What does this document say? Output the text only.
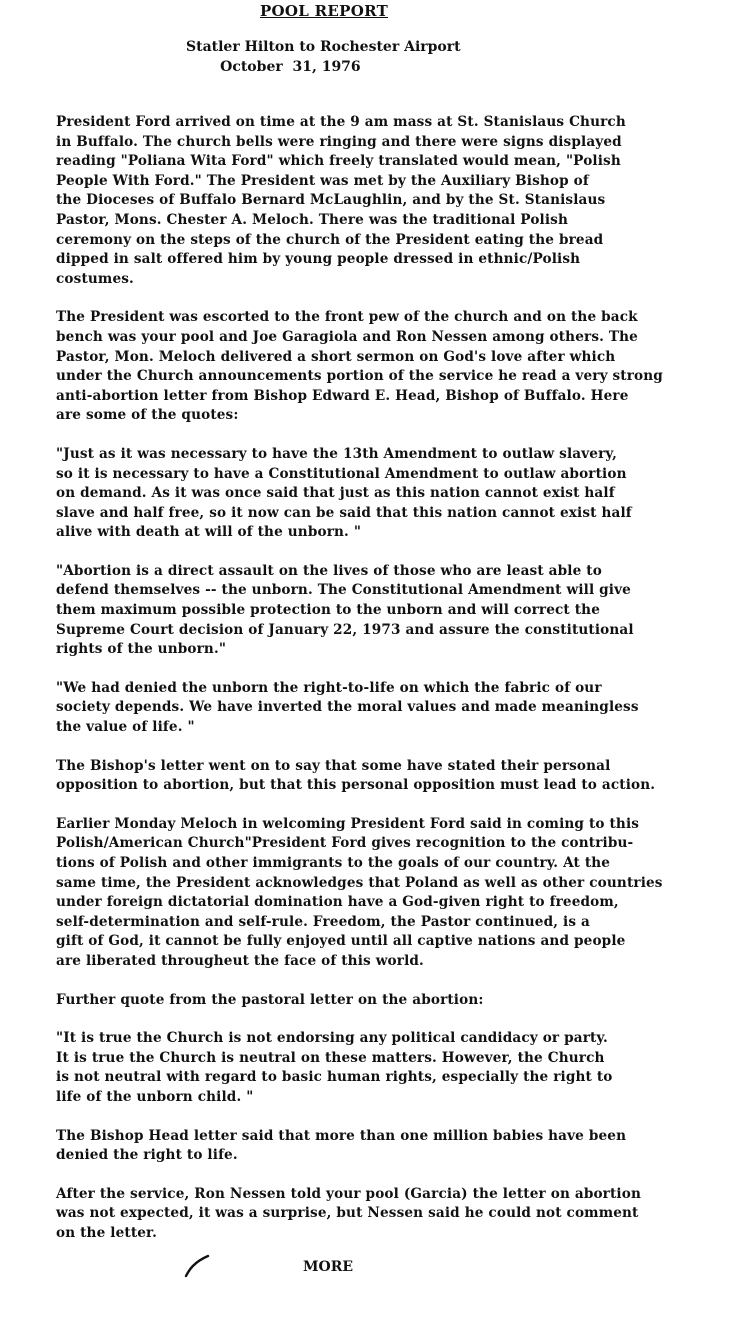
POOL REPORT
Statler Hilton to Rochester Airport
October  31, 1976
President Ford arrived on time at the 9 am mass at St. Stanislaus Church
in Buffalo. The church bells were ringing and there were signs displayed
reading "Poliana Wita Ford" which freely translated would mean, "Polish
People With Ford." The President was met by the Auxiliary Bishop of
the Dioceses of Buffalo Bernard McLaughlin, and by the St. Stanislaus
Pastor, Mons. Chester A. Meloch. There was the traditional Polish
ceremony on the steps of the church of the President eating the bread
dipped in salt offered him by young people dressed in ethnic/Polish
costumes.
The President was escorted to the front pew of the church and on the back
bench was your pool and Joe Garagiola and Ron Nessen among others. The
Pastor, Mon. Meloch delivered a short sermon on God's love after which
under the Church announcements portion of the service he read a very strong
anti-abortion letter from Bishop Edward E. Head, Bishop of Buffalo. Here
are some of the quotes:
"Just as it was necessary to have the 13th Amendment to outlaw slavery,
so it is necessary to have a Constitutional Amendment to outlaw abortion
on demand. As it was once said that just as this nation cannot exist half
slave and half free, so it now can be said that this nation cannot exist half
alive with death at will of the unborn. "
"Abortion is a direct assault on the lives of those who are least able to
defend themselves -- the unborn. The Constitutional Amendment will give
them maximum possible protection to the unborn and will correct the
Supreme Court decision of January 22, 1973 and assure the constitutional
rights of the unborn."
"We had denied the unborn the right-to-life on which the fabric of our
society depends. We have inverted the moral values and made meaningless
the value of life. "
The Bishop's letter went on to say that some have stated their personal
opposition to abortion, but that this personal opposition must lead to action.
Earlier Monday Meloch in welcoming President Ford said in coming to this
Polish/American Church"President Ford gives recognition to the contribu-
tions of Polish and other immigrants to the goals of our country. At the
same time, the President acknowledges that Poland as well as other countries
under foreign dictatorial domination have a God-given right to freedom,
self-determination and self-rule. Freedom, the Pastor continued, is a
gift of God, it cannot be fully enjoyed until all captive nations and people
are liberated througheut the face of this world.
Further quote from the pastoral letter on the abortion:
"It is true the Church is not endorsing any political candidacy or party.
It is true the Church is neutral on these matters. However, the Church
is not neutral with regard to basic human rights, especially the right to
life of the unborn child. "
The Bishop Head letter said that more than one million babies have been
denied the right to life.
After the service, Ron Nessen told your pool (Garcia) the letter on abortion
was not expected, it was a surprise, but Nessen said he could not comment
on the letter.
MORE
